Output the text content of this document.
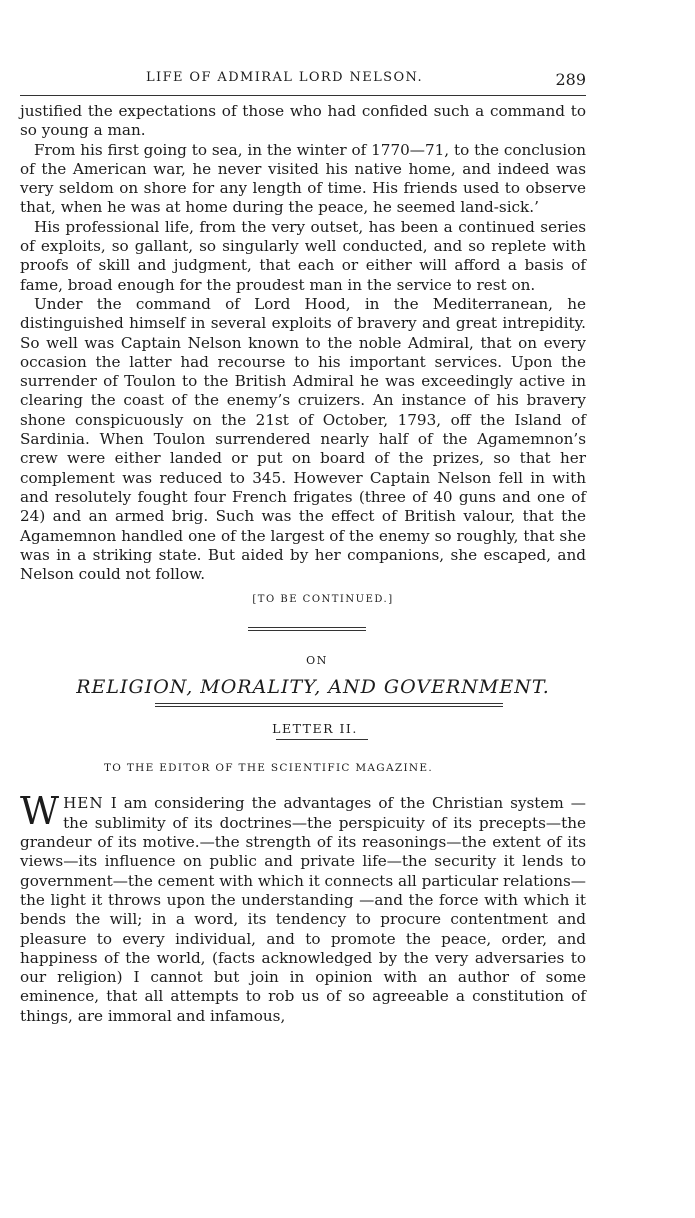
LIFE OF ADMIRAL LORD NELSON.	289

justified the expectations of those who had confided such a command to so young a man.

From his first going to sea, in the winter of 1770—71, to the conclusion of the American war, he never visited his native home, and indeed was very seldom on shore for any length of time. His friends used to observe that, when he was at home during the peace, he seemed land-sick.’

His professional life, from the very outset, has been a continued series of exploits, so gallant, so singularly well conducted, and so replete with proofs of skill and judgment, that each or either will afford a basis of fame, broad enough for the proudest man in the service to rest on.

Under the command of Lord Hood, in the Mediterranean, he distinguished himself in several exploits of bravery and great intrepidity. So well was Captain Nelson known to the noble Admiral, that on every occasion the latter had recourse to his important services. Upon the surrender of Toulon to the British Admiral he was exceedingly active in clearing the coast of the enemy’s cruizers. An instance of his bravery shone conspicuously on the 21st of October, 1793, off the Island of Sardinia. When Toulon surrendered nearly half of the Agamemnon’s crew were either landed or put on board of the prizes, so that her complement was reduced to 345. However Captain Nelson fell in with and resolutely fought four French frigates (three of 40 guns and one of 24) and an armed brig. Such was the effect of British valour, that the Agamemnon handled one of the largest of the enemy so roughly, that she was in a striking state. But aided by her companions, she escaped, and Nelson could not follow.

[TO BE CONTINUED.]
ON
RELIGION, MORALITY, AND GOVERNMENT.
LETTER II.
TO THE EDITOR OF THE SCIENTIFIC MAGAZINE.
WHEN I am considering the advantages of the Christian system —the sublimity of its doctrines—the perspicuity of its precepts—the grandeur of its motive.—the strength of its reasonings—the extent of its views—its influence on public and private life—the security it lends to government—the cement with which it connects all particular relations—the light it throws upon the understanding —and the force with which it bends the will; in a word, its tendency to procure contentment and pleasure to every individual, and to promote the peace, order, and happiness of the world, (facts acknowledged by the very adversaries to our religion) I cannot but join in opinion with an author of some eminence, that all attempts to rob us of so agreeable a constitution of things, are immoral and infamous,
